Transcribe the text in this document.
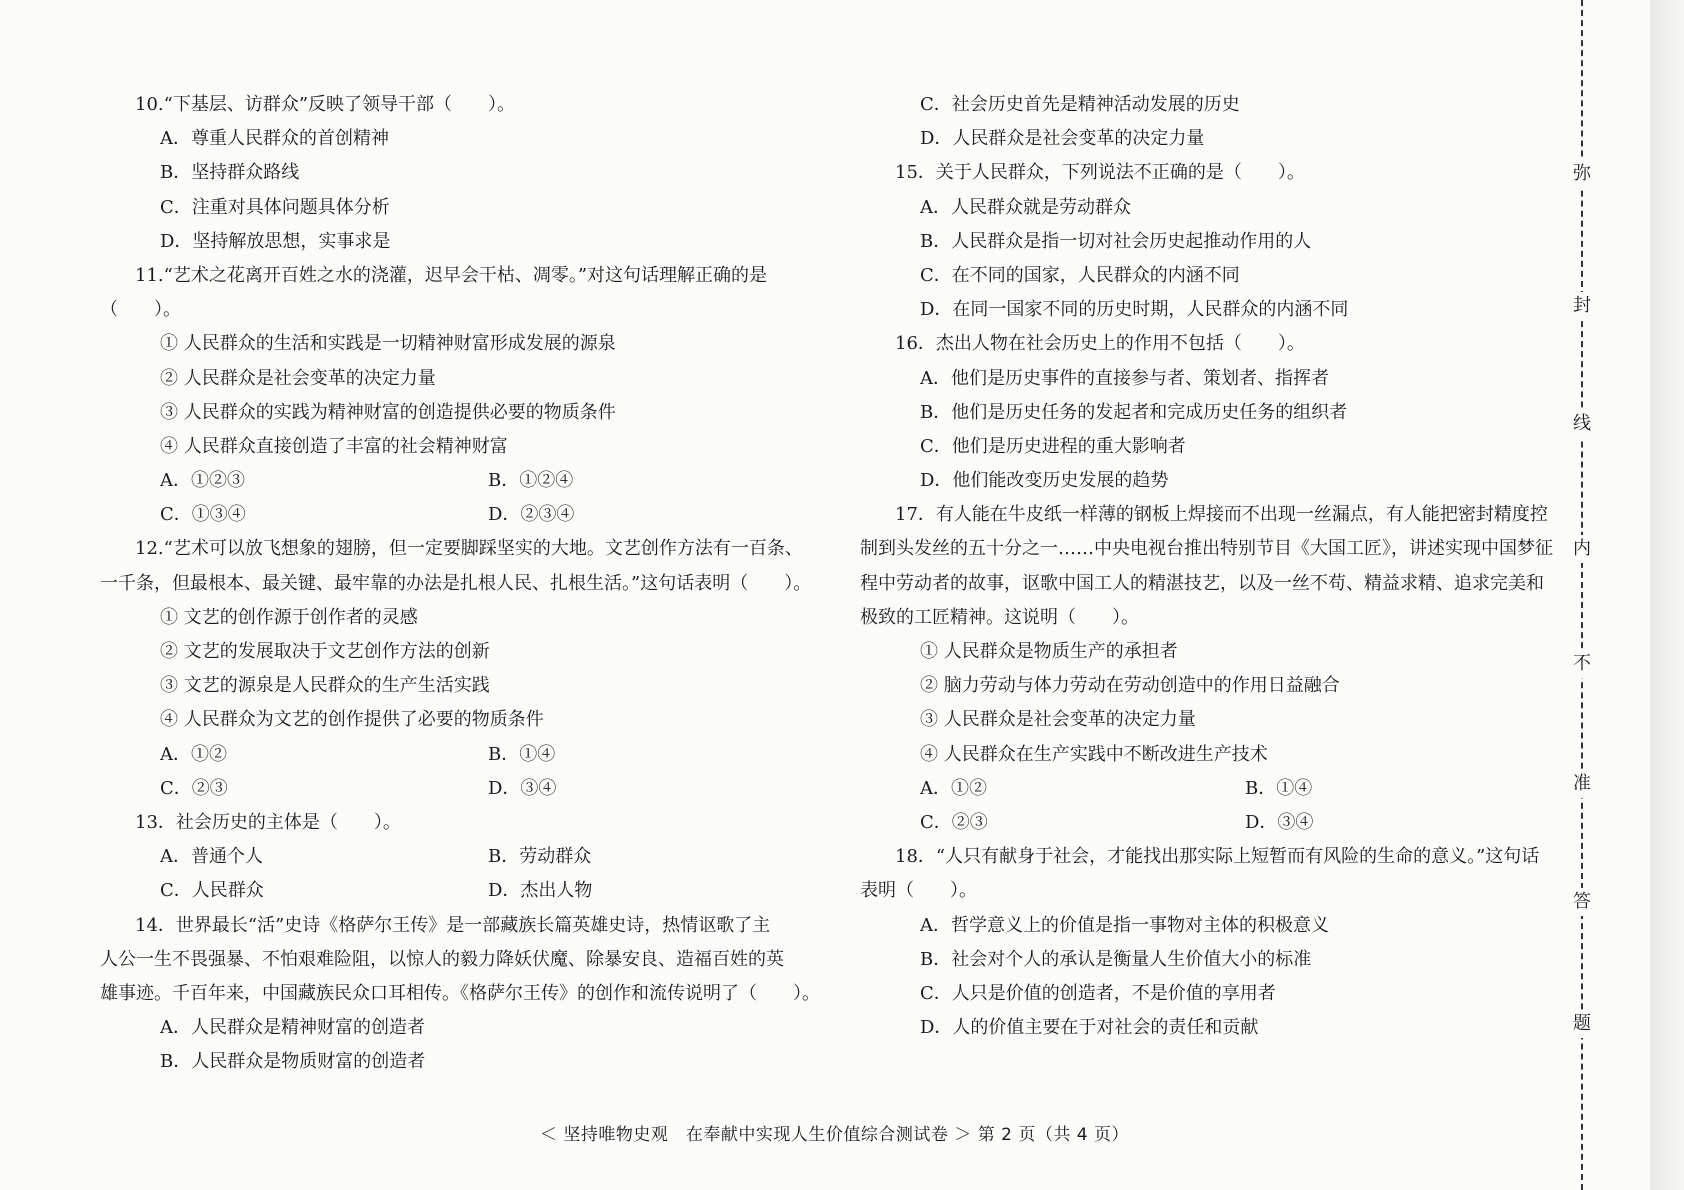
10.“下基层、访群众”反映了领导干部（　　）。
A．尊重人民群众的首创精神
B．坚持群众路线
C．注重对具体问题具体分析
D．坚持解放思想，实事求是
11.“艺术之花离开百姓之水的浇灌，迟早会干枯、凋零。”对这句话理解正确的是
（　　）。
① 人民群众的生活和实践是一切精神财富形成发展的源泉
② 人民群众是社会变革的决定力量
③ 人民群众的实践为精神财富的创造提供必要的物质条件
④ 人民群众直接创造了丰富的社会精神财富
A．①②③	B．①②④
C．①③④	D．②③④
12.“艺术可以放飞想象的翅膀，但一定要脚踩坚实的大地。文艺创作方法有一百条、
一千条，但最根本、最关键、最牢靠的办法是扎根人民、扎根生活。”这句话表明（　　）。
① 文艺的创作源于创作者的灵感
② 文艺的发展取决于文艺创作方法的创新
③ 文艺的源泉是人民群众的生产生活实践
④ 人民群众为文艺的创作提供了必要的物质条件
A．①②	B．①④
C．②③	D．③④
13．社会历史的主体是（　　）。
A．普通个人	B．劳动群众
C．人民群众	D．杰出人物
14．世界最长“活”史诗《格萨尔王传》是一部藏族长篇英雄史诗，热情讴歌了主
人公一生不畏强暴、不怕艰难险阻，以惊人的毅力降妖伏魔、除暴安良、造福百姓的英
雄事迹。千百年来，中国藏族民众口耳相传。《格萨尔王传》的创作和流传说明了（　　）。
A．人民群众是精神财富的创造者
B．人民群众是物质财富的创造者
C．社会历史首先是精神活动发展的历史
D．人民群众是社会变革的决定力量
15．关于人民群众，下列说法不正确的是（　　）。
A．人民群众就是劳动群众
B．人民群众是指一切对社会历史起推动作用的人
C．在不同的国家，人民群众的内涵不同
D．在同一国家不同的历史时期，人民群众的内涵不同
16．杰出人物在社会历史上的作用不包括（　　）。
A．他们是历史事件的直接参与者、策划者、指挥者
B．他们是历史任务的发起者和完成历史任务的组织者
C．他们是历史进程的重大影响者
D．他们能改变历史发展的趋势
17．有人能在牛皮纸一样薄的钢板上焊接而不出现一丝漏点，有人能把密封精度控
制到头发丝的五十分之一……中央电视台推出特别节目《大国工匠》，讲述实现中国梦征
程中劳动者的故事，讴歌中国工人的精湛技艺，以及一丝不苟、精益求精、追求完美和
极致的工匠精神。这说明（　　）。
① 人民群众是物质生产的承担者
② 脑力劳动与体力劳动在劳动创造中的作用日益融合
③ 人民群众是社会变革的决定力量
④ 人民群众在生产实践中不断改进生产技术
A．①②	B．①④
C．②③	D．③④
18．“人只有献身于社会，才能找出那实际上短暂而有风险的生命的意义。”这句话
表明（　　）。
A．哲学意义上的价值是指一事物对主体的积极意义
B．社会对个人的承认是衡量人生价值大小的标准
C．人只是价值的创造者，不是价值的享用者
D．人的价值主要在于对社会的责任和贡献
＜ 坚持唯物史观　在奉献中实现人生价值综合测试卷 ＞ 第 2 页（共 4 页）
弥
封
线
内
不
准
答
题
